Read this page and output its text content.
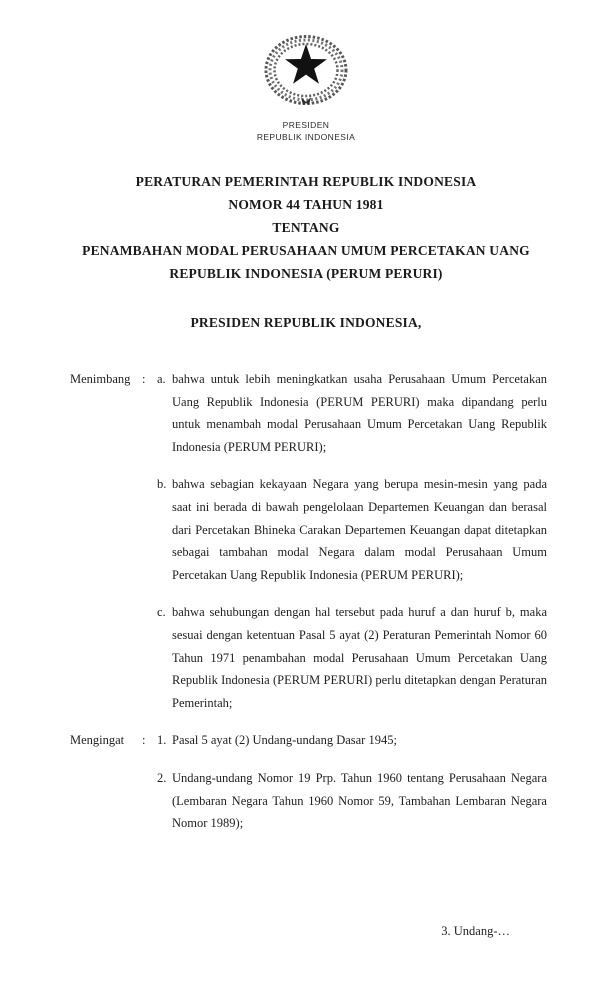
PRESIDEN
REPUBLIK INDONESIA
PERATURAN PEMERINTAH REPUBLIK INDONESIA
NOMOR 44 TAHUN 1981
TENTANG
PENAMBAHAN MODAL PERUSAHAAN UMUM PERCETAKAN UANG
REPUBLIK INDONESIA (PERUM PERURI)
PRESIDEN REPUBLIK INDONESIA,
Menimbang : a. bahwa untuk lebih meningkatkan usaha Perusahaan Umum Percetakan Uang Republik Indonesia (PERUM PERURI) maka dipandang perlu untuk menambah modal Perusahaan Umum Percetakan Uang Republik Indonesia (PERUM PERURI);
b. bahwa sebagian kekayaan Negara yang berupa mesin-mesin yang pada saat ini berada di bawah pengelolaan Departemen Keuangan dan berasal dari Percetakan Bhineka Carakan Departemen Keuangan dapat ditetapkan sebagai tambahan modal Negara dalam modal Perusahaan Umum Percetakan Uang Republik Indonesia (PERUM PERURI);
c. bahwa sehubungan dengan hal tersebut pada huruf a dan huruf b, maka sesuai dengan ketentuan Pasal 5 ayat (2) Peraturan Pemerintah Nomor 60 Tahun 1971 penambahan modal Perusahaan Umum Percetakan Uang Republik Indonesia (PERUM PERURI) perlu ditetapkan dengan Peraturan Pemerintah;
Mengingat	: 1. Pasal 5 ayat (2) Undang-undang Dasar 1945;
2. Undang-undang Nomor 19 Prp. Tahun 1960 tentang Perusahaan Negara (Lembaran Negara Tahun 1960 Nomor 59, Tambahan Lembaran Negara Nomor 1989);
3. Undang-…
